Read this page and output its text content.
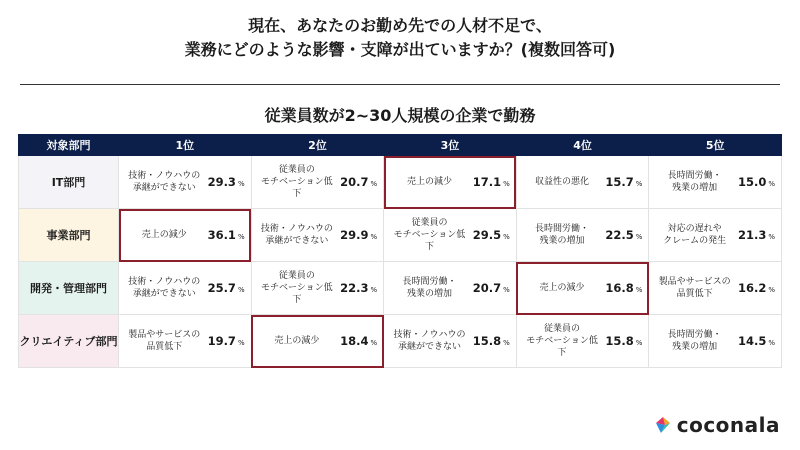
現在、あなたのお勤め先での人材不足で、
業務にどのような影響・支障が出ていますか？(複数回答可)
従業員数が2~30人規模の企業で勤務
対象部門	1位	2位	3位	4位	5位
IT部門	技術・ノウハウの
承継ができない 29.3 %	従業員の
モチベーション低下
20.7 %	売上の減少 17.1 %	収益性の悪化 15.7 %	長時間労働・
残業の増加 15.0 %

事業部門	売上の減少 36.1 %	技術・ノウハウの
承継ができない 29.9 %	従業員の
モチベーション低下
29.5 %	長時間労働・
残業の増加 22.5 %	対応の遅れや
クレームの発生 21.3 %

開発・管理部門	技術・ノウハウの
承継ができない 25.7 %	従業員の
モチベーション低下
22.3 %	長時間労働・
残業の増加 20.7 %	売上の減少 16.8 %	製品やサービスの
品質低下 16.2 %

クリエイティブ部門	製品やサービスの
品質低下 19.7 %	売上の減少 18.4 %	技術・ノウハウの
承継ができない 15.8 %	従業員の
モチベーション低下
15.8 %	長時間労働・
残業の増加 14.5 %
coconala
